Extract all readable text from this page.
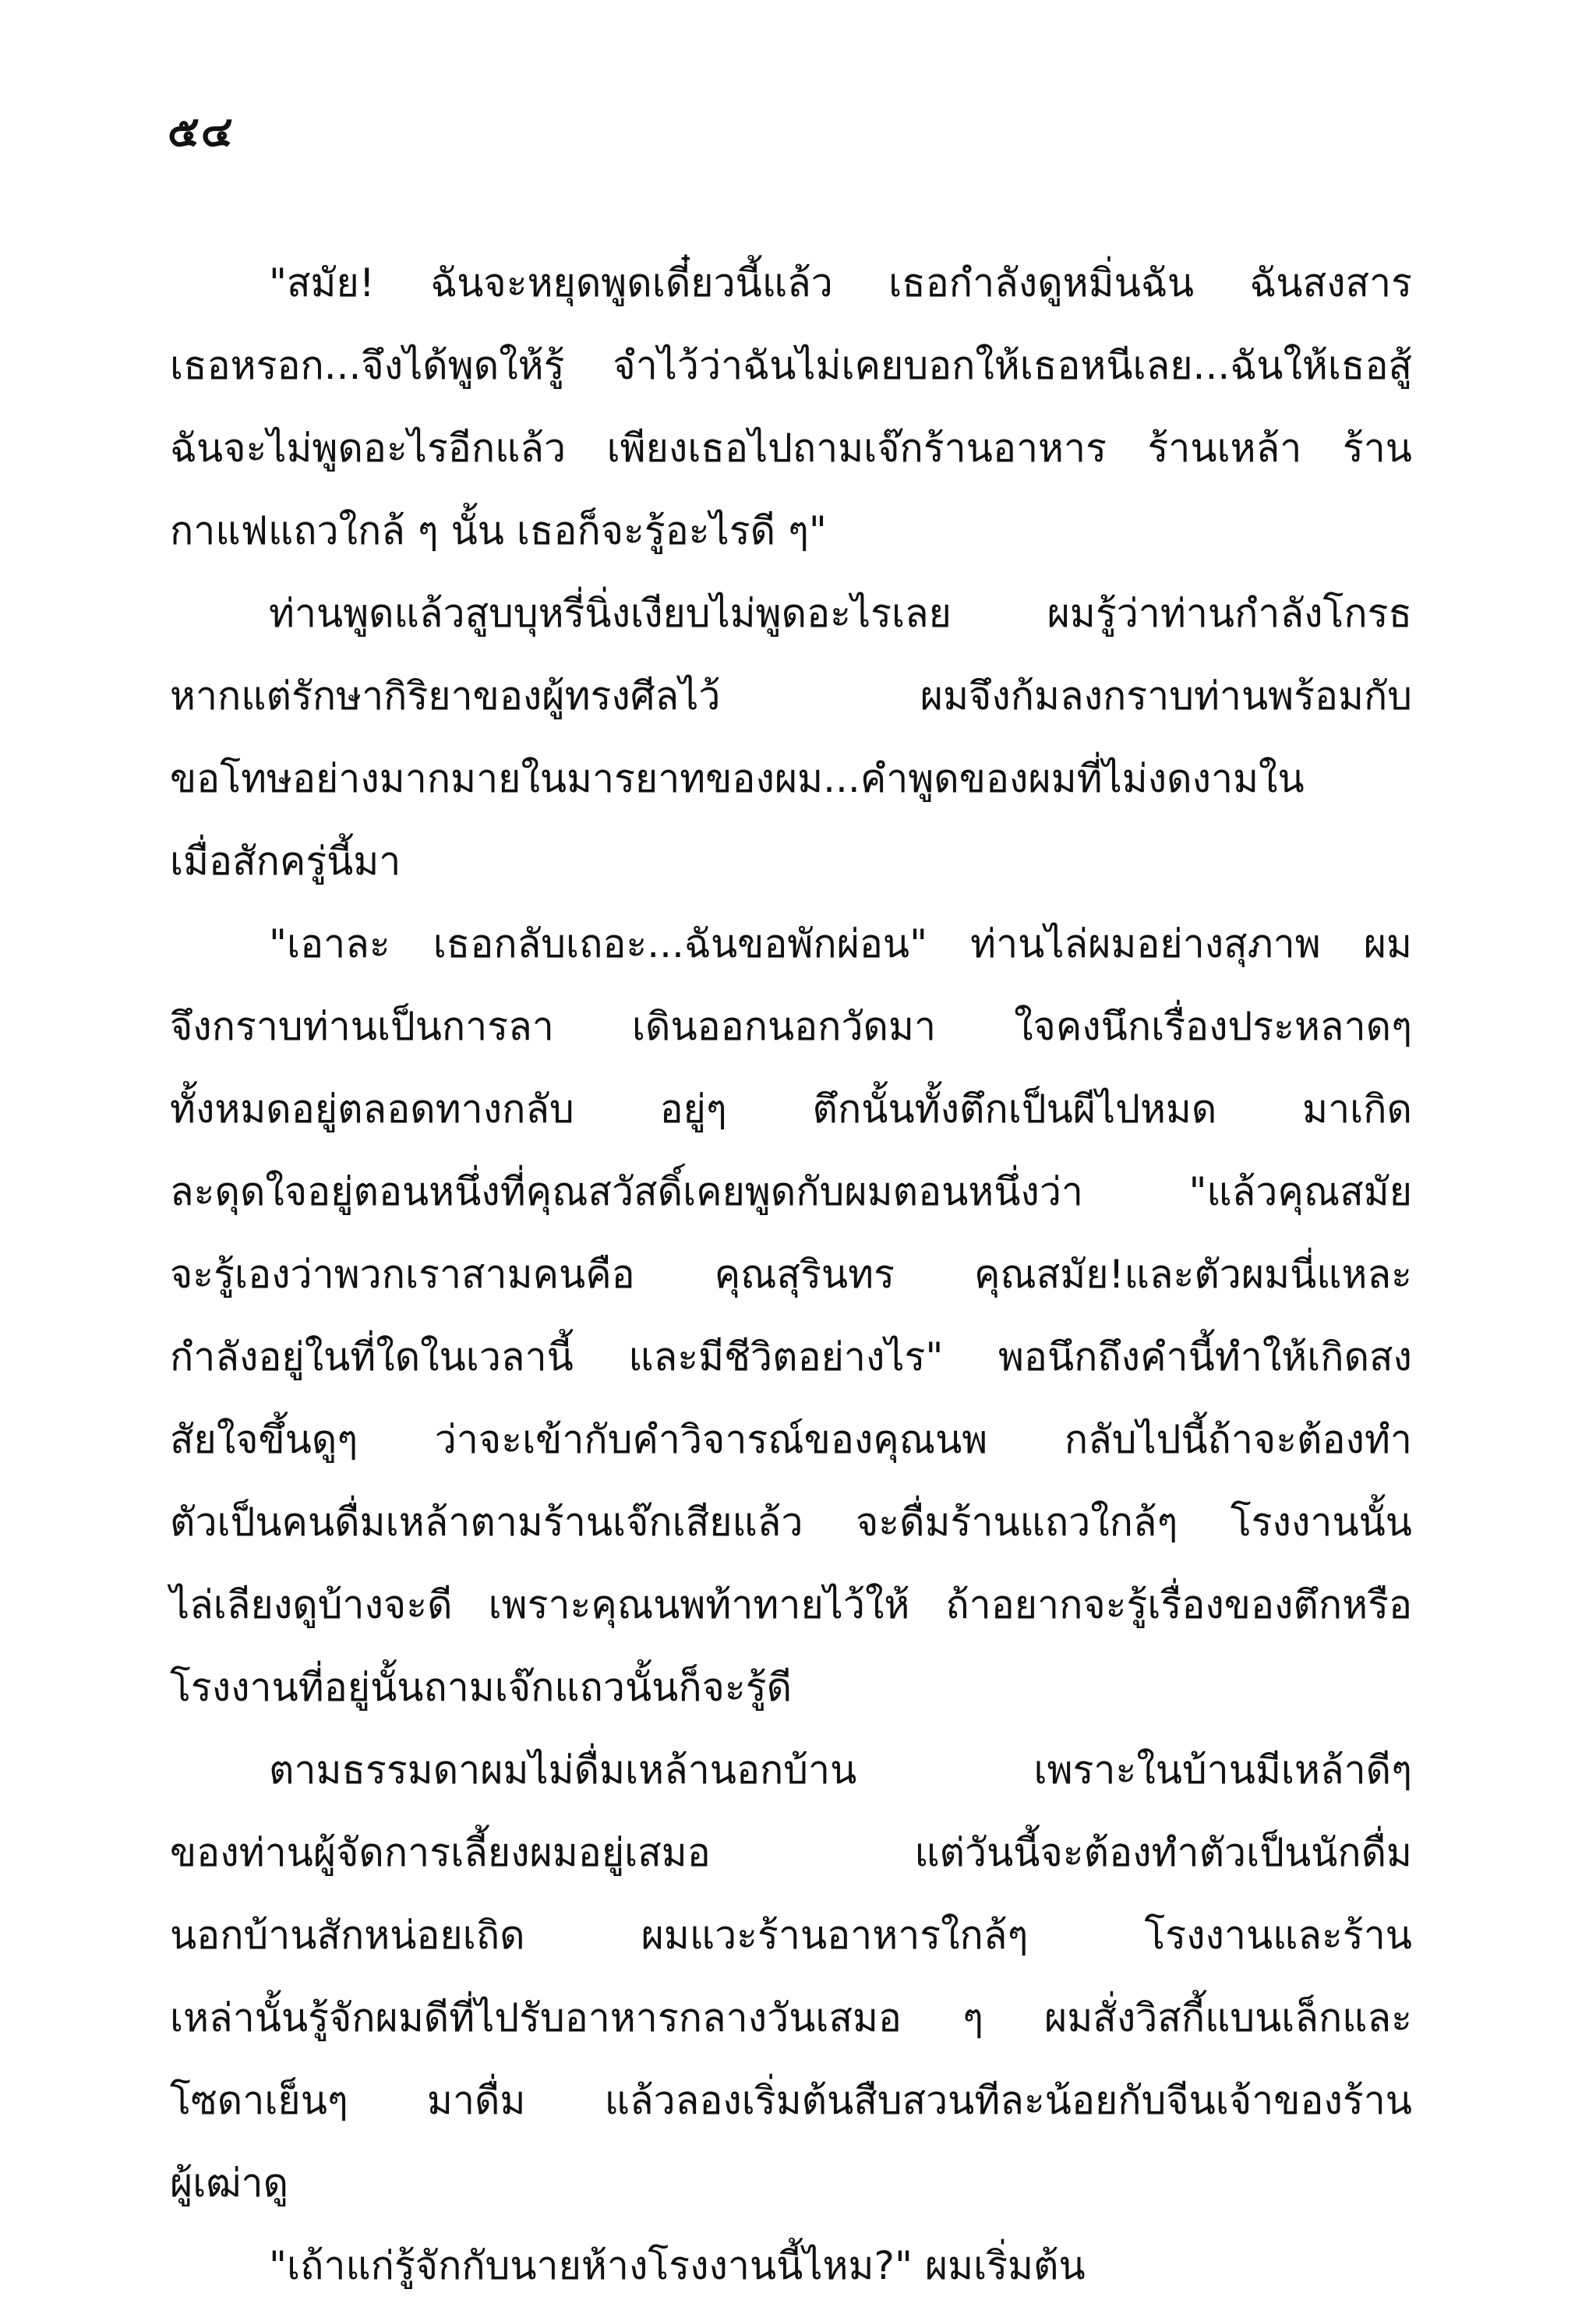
๕๔
"สมัย! ฉันจะหยุดพูดเดี๋ยวนี้แล้ว เธอกำลังดูหมิ่นฉัน ฉันสงสาร
เธอหรอก...จึงได้พูดให้รู้ จำไว้ว่าฉันไม่เคยบอกให้เธอหนีเลย...ฉันให้เธอสู้
ฉันจะไม่พูดอะไรอีกแล้ว เพียงเธอไปถามเจ๊กร้านอาหาร ร้านเหล้า ร้าน
กาแฟแถวใกล้ ๆ นั้น เธอก็จะรู้อะไรดี ๆ"
ท่านพูดแล้วสูบบุหรี่นิ่งเงียบไม่พูดอะไรเลย ผมรู้ว่าท่านกำลังโกรธ
หากแต่รักษากิริยาของผู้ทรงศีลไว้	ผมจึงก้มลงกราบท่านพร้อมกับ
ขอโทษอย่างมากมายในมารยาทของผม...คำพูดของผมที่ไม่งดงามใน
เมื่อสักครู่นี้มา
"เอาละ เธอกลับเถอะ...ฉันขอพักผ่อน" ท่านไล่ผมอย่างสุภาพ ผม
จึงกราบท่านเป็นการลา เดินออกนอกวัดมา ใจคงนึกเรื่องประหลาดๆ
ทั้งหมดอยู่ตลอดทางกลับ อยู่ๆ ตึกนั้นทั้งตึกเป็นผีไปหมด มาเกิด
ละดุดใจอยู่ตอนหนึ่งที่คุณสวัสดิ์เคยพูดกับผมตอนหนึ่งว่า	"แล้วคุณสมัย
จะรู้เองว่าพวกเราสามคนคือ คุณสุรินทร คุณสมัย!และตัวผมนี่แหละ
กำลังอยู่ในที่ใดในเวลานี้ และมีชีวิตอย่างไร" พอนึกถึงคำนี้ทำให้เกิดสง
สัยใจขึ้นดูๆ ว่าจะเข้ากับคำวิจารณ์ของคุณนพ กลับไปนี้ถ้าจะต้องทำ
ตัวเป็นคนดื่มเหล้าตามร้านเจ๊กเสียแล้ว จะดื่มร้านแถวใกล้ๆ โรงงานนั้น
ไล่เลียงดูบ้างจะดี เพราะคุณนพท้าทายไว้ให้ ถ้าอยากจะรู้เรื่องของตึกหรือ
โรงงานที่อยู่นั้นถามเจ๊กแถวนั้นก็จะรู้ดี
ตามธรรมดาผมไม่ดื่มเหล้านอกบ้าน	เพราะในบ้านมีเหล้าดีๆ
ของท่านผู้จัดการเลี้ยงผมอยู่เสมอ	แต่วันนี้จะต้องทำตัวเป็นนักดื่ม
นอกบ้านสักหน่อยเถิด	ผมแวะร้านอาหารใกล้ๆ	โรงงานและร้าน
เหล่านั้นรู้จักผมดีที่ไปรับอาหารกลางวันเสมอ ๆ ผมสั่งวิสกี้แบนเล็กและ
โซดาเย็นๆ มาดื่ม แล้วลองเริ่มต้นสืบสวนทีละน้อยกับจีนเจ้าของร้าน
ผู้เฒ่าดู
"เถ้าแก่รู้จักกับนายห้างโรงงานนี้ไหม?" ผมเริ่มต้น
